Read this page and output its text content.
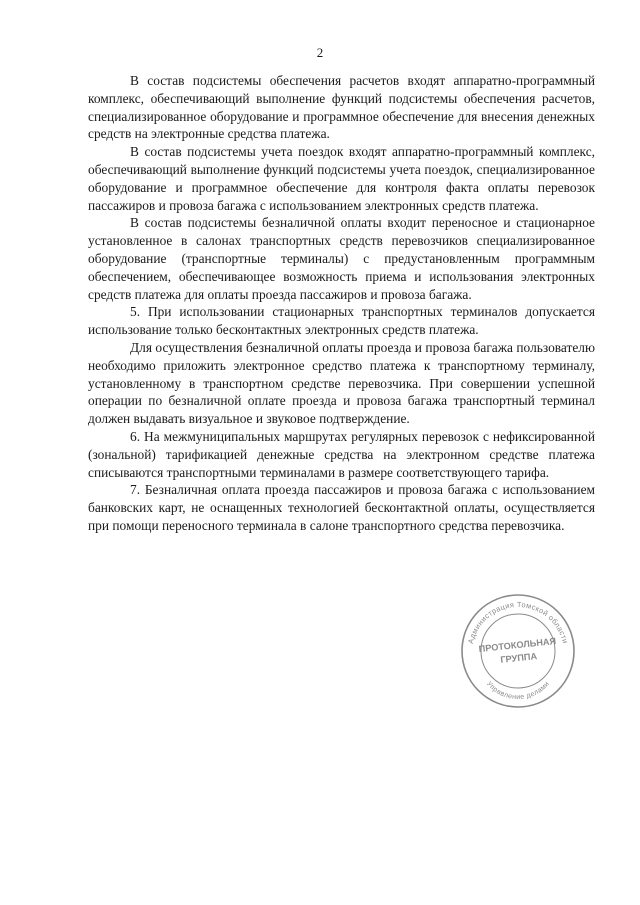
2

В состав подсистемы обеспечения расчетов входят аппаратно-программный комплекс, обеспечивающий выполнение функций подсистемы обеспечения расчетов, специализированное оборудование и программное обеспечение для внесения денежных средств на электронные средства платежа.

В состав подсистемы учета поездок входят аппаратно-программный комплекс, обеспечивающий выполнение функций подсистемы учета поездок, специализированное оборудование и программное обеспечение для контроля факта оплаты перевозок пассажиров и провоза багажа с использованием электронных средств платежа.

В состав подсистемы безналичной оплаты входит переносное и стационарное установленное в салонах транспортных средств перевозчиков специализированное оборудование (транспортные терминалы) с предустановленным программным обеспечением, обеспечивающее возможность приема и использования электронных средств платежа для оплаты проезда пассажиров и провоза багажа.

5. При использовании стационарных транспортных терминалов допускается использование только бесконтактных электронных средств платежа.

Для осуществления безналичной оплаты проезда и провоза багажа пользователю необходимо приложить электронное средство платежа к транспортному терминалу, установленному в транспортном средстве перевозчика. При совершении успешной операции по безналичной оплате проезда и провоза багажа транспортный терминал должен выдавать визуальное и звуковое подтверждение.

6. На межмуниципальных маршрутах регулярных перевозок с нефиксированной (зональной) тарификацией денежные средства на электронном средстве платежа списываются транспортными терминалами в размере соответствующего тарифа.

7. Безналичная оплата проезда пассажиров и провоза багажа с использованием банковских карт, не оснащенных технологией бесконтактной оплаты, осуществляется при помощи переносного терминала в салоне транспортного средства перевозчика.

Администрация Томской области
Управление делами
ПРОТОКОЛЬНАЯ
ГРУППА
